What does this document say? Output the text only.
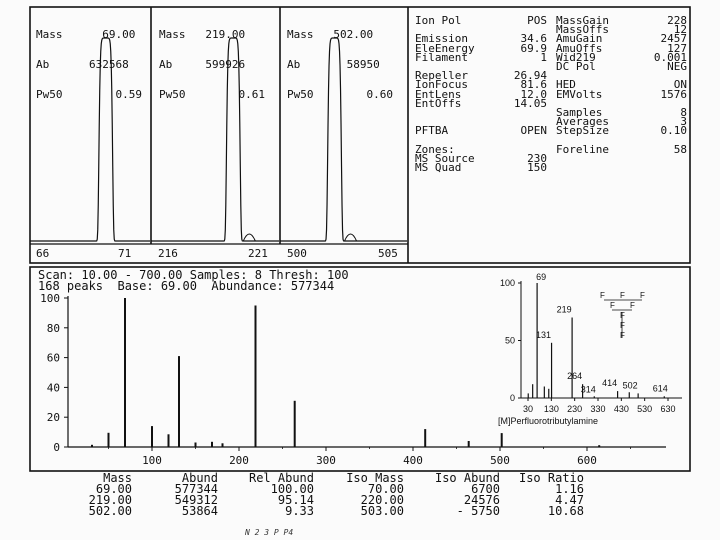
Mass	69.00

Ab	632568

Pw50	0.59

Mass 219.00

Ab	599926

Pw50	0.61

Mass 502.00

Ab	58950

Pw50	0.60

66	71 216	221 500	505
Ion Pol	POS
Emission	34.6
EleEnergy	69.9
Filament	1
Repeller	26.94
IonFocus	81.6
EntLens	12.0
EntOffs	14.05
PFTBA	OPEN
Zones:
MS Source	230
MS Quad	150
MassGain	228
MassOffs	12
AmuGain	2457
AmuOffs	127
Wid219	0.001
DC Pol	NEG
HED	ON
EMVolts	1576
Samples	8
Averages	3
StepSize	0.10
Foreline	58
0
20
40
60
80
100
100	200	300	400	500	600
0
50
100
30 130 230 330 430 530 630
69
219
131
264
314
414 502 614
[M]Perfluorotributylamine
F F F
F F
F
F
F
Scan: 10.00 - 700.00 Samples: 8 Thresh: 100
168 peaks  Base: 69.00  Abundance: 577344
Mass	Abund	Rel Abund	Iso Mass	Iso Abund	Iso Ratio
69.00	577344	100.00	70.00	6700	1.16
219.00	549312	95.14	220.00	24576	4.47
502.00	53864	9.33	503.00	- 5750	10.68
N 2 3 P P4
